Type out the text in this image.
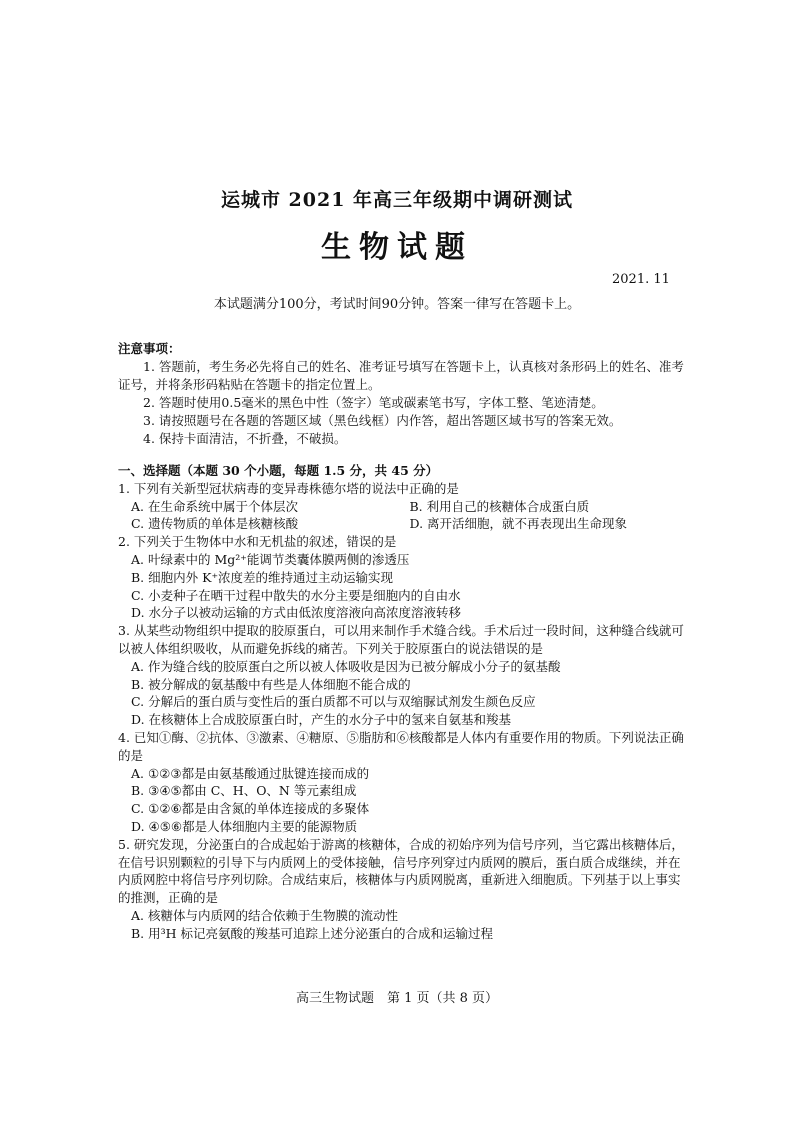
运城市 2021 年高三年级期中调研测试
生物试题
2021. 11
本试题满分100分，考试时间90分钟。答案一律写在答题卡上。
注意事项：
1. 答题前，考生务必先将自己的姓名、准考证号填写在答题卡上，认真核对条形码上的姓名、准考证号，并将条形码粘贴在答题卡的指定位置上。
2. 答题时使用0.5毫米的黑色中性（签字）笔或碳素笔书写，字体工整、笔迹清楚。
3. 请按照题号在各题的答题区域（黑色线框）内作答，超出答题区域书写的答案无效。
4. 保持卡面清洁，不折叠，不破损。
一、选择题（本题 30 个小题，每题 1.5 分，共 45 分）
1. 下列有关新型冠状病毒的变异毒株德尔塔的说法中正确的是
A. 在生命系统中属于个体层次	B. 利用自己的核糖体合成蛋白质
C. 遗传物质的单体是核糖核酸	D. 离开活细胞，就不再表现出生命现象
2. 下列关于生物体中水和无机盐的叙述，错误的是
A. 叶绿素中的 Mg²⁺能调节类囊体膜两侧的渗透压
B. 细胞内外 K⁺浓度差的维持通过主动运输实现
C. 小麦种子在晒干过程中散失的水分主要是细胞内的自由水
D. 水分子以被动运输的方式由低浓度溶液向高浓度溶液转移
3. 从某些动物组织中提取的胶原蛋白，可以用来制作手术缝合线。手术后过一段时间，这种缝合线就可以被人体组织吸收，从而避免拆线的痛苦。下列关于胶原蛋白的说法错误的是
A. 作为缝合线的胶原蛋白之所以被人体吸收是因为已被分解成小分子的氨基酸
B. 被分解成的氨基酸中有些是人体细胞不能合成的
C. 分解后的蛋白质与变性后的蛋白质都不可以与双缩脲试剂发生颜色反应
D. 在核糖体上合成胶原蛋白时，产生的水分子中的氢来自氨基和羧基
4. 已知①酶、②抗体、③激素、④糖原、⑤脂肪和⑥核酸都是人体内有重要作用的物质。下列说法正确的是
A. ①②③都是由氨基酸通过肽键连接而成的
B. ③④⑤都由 C、H、O、N 等元素组成
C. ①②⑥都是由含氮的单体连接成的多聚体
D. ④⑤⑥都是人体细胞内主要的能源物质
5. 研究发现，分泌蛋白的合成起始于游离的核糖体，合成的初始序列为信号序列，当它露出核糖体后，在信号识别颗粒的引导下与内质网上的受体接触，信号序列穿过内质网的膜后，蛋白质合成继续，并在内质网腔中将信号序列切除。合成结束后，核糖体与内质网脱离，重新进入细胞质。下列基于以上事实的推测，正确的是
A. 核糖体与内质网的结合依赖于生物膜的流动性
B. 用³H 标记亮氨酸的羧基可追踪上述分泌蛋白的合成和运输过程
高三生物试题　第 1 页（共 8 页）
